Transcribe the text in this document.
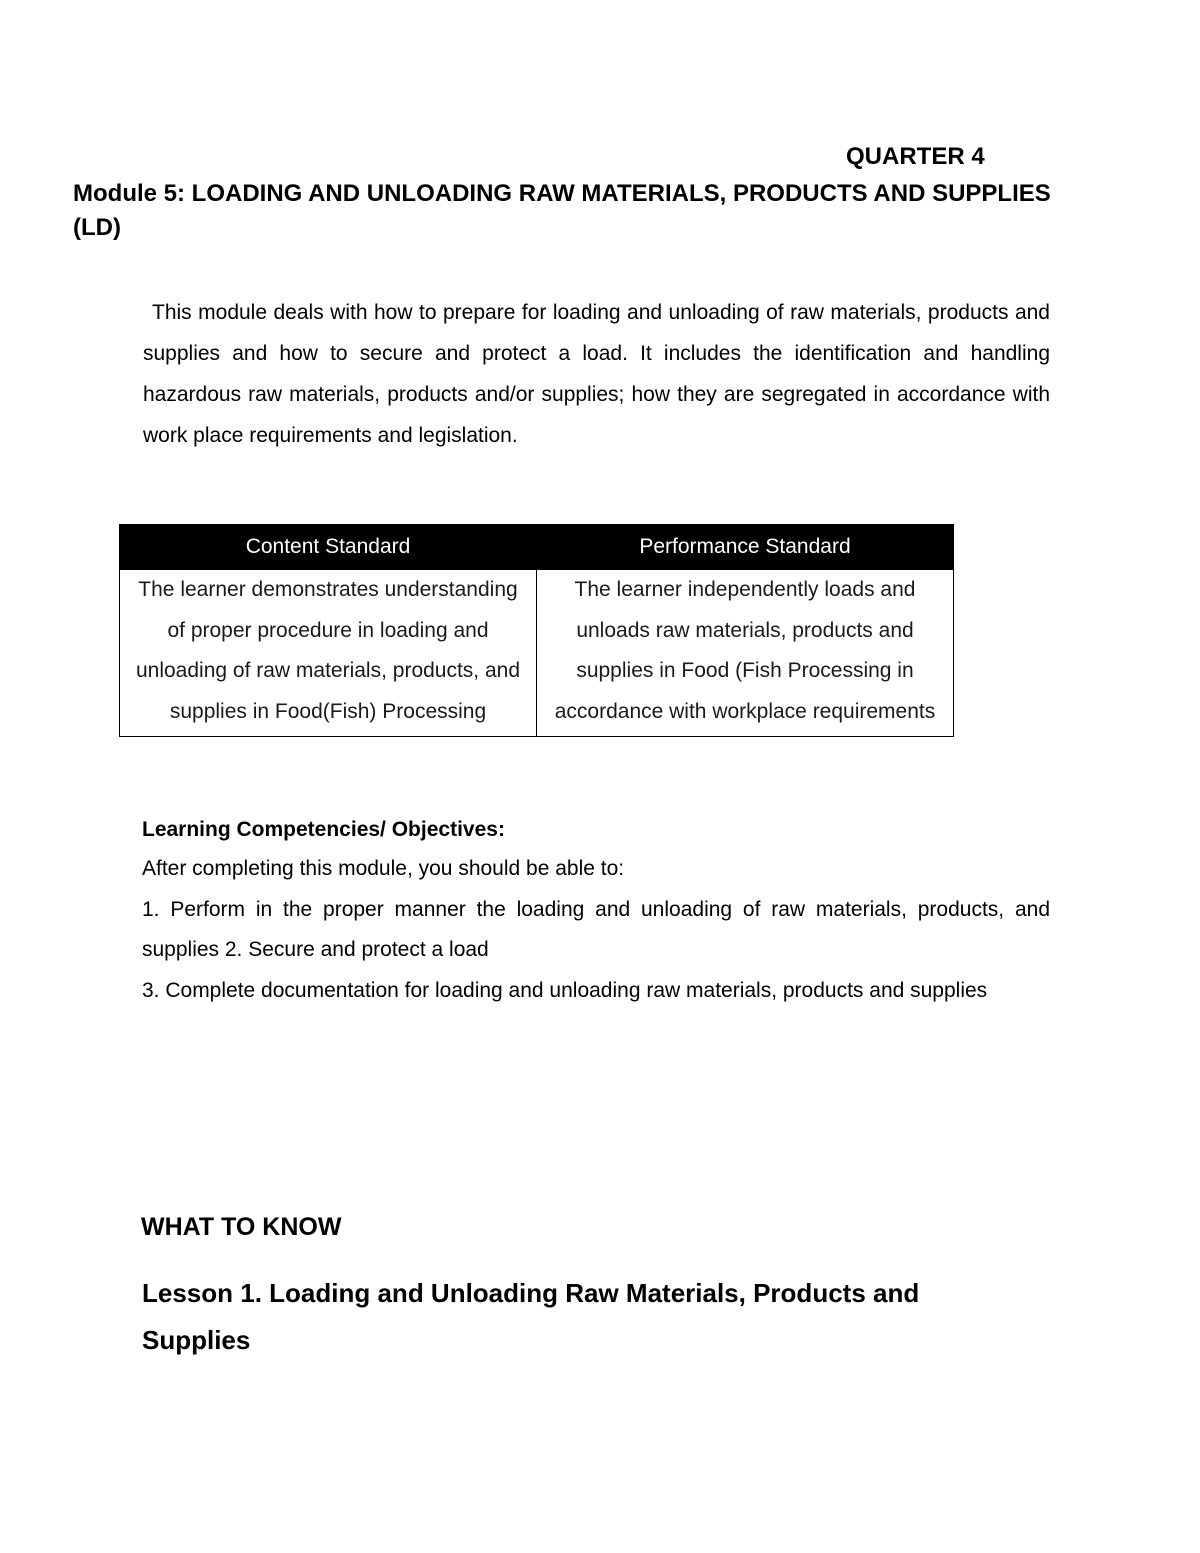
QUARTER 4
Module 5: LOADING AND UNLOADING RAW MATERIALS, PRODUCTS AND SUPPLIES (LD)
This module deals with how to prepare for loading and unloading of raw materials, products and supplies and how to secure and protect a load. It includes the identification and handling hazardous raw materials, products and/or supplies; how they are segregated in accordance with work place requirements and legislation.
Content Standard	Performance Standard
The learner demonstrates understanding of proper procedure in loading and unloading of raw materials, products, and supplies in Food(Fish) Processing	The learner independently loads and unloads raw materials, products and supplies in Food (Fish Processing in accordance with workplace requirements
Learning Competencies/ Objectives:

After completing this module, you should be able to:

1. Perform in the proper manner the loading and unloading of raw materials, products, and supplies 2. Secure and protect a load

3. Complete documentation for loading and unloading raw materials, products and supplies

WHAT TO KNOW
Lesson 1. Loading and Unloading Raw Materials, Products and Supplies
